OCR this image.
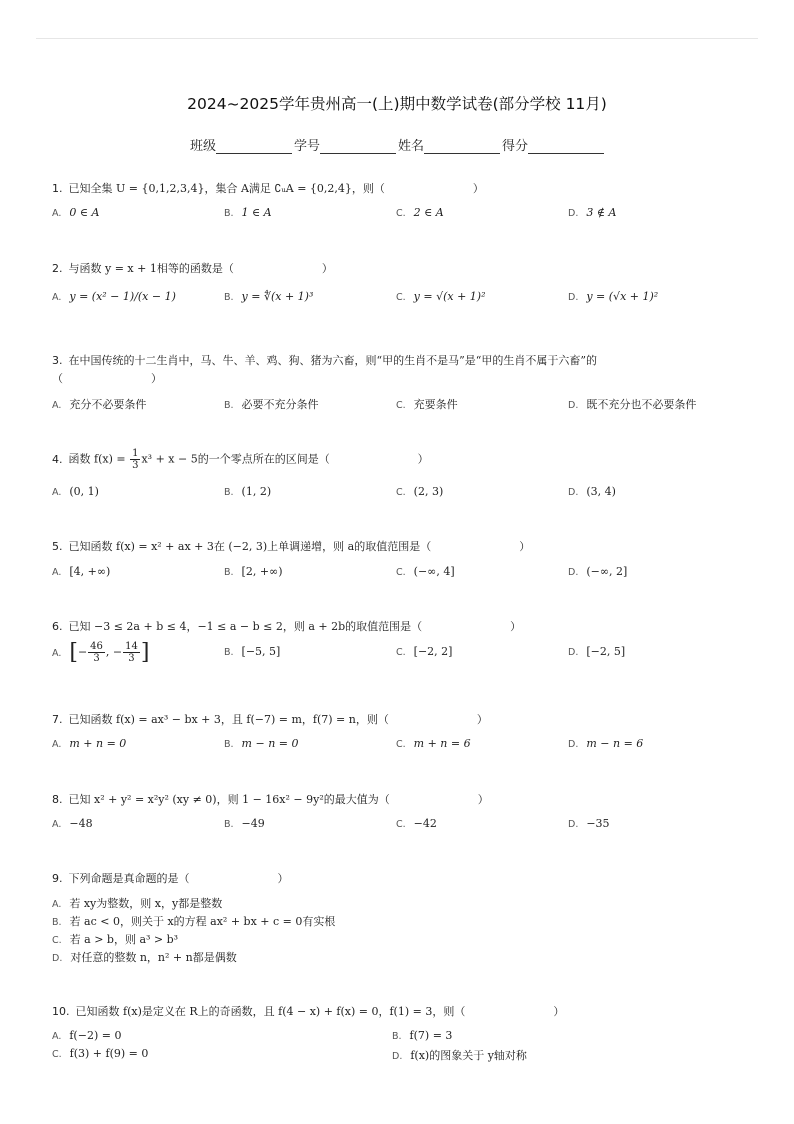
2024~2025学年贵州高一(上)期中数学试卷(部分学校 11月)
班级	学号	姓名	得分
1. 已知全集 U = {0,1,2,3,4}，集合 A满足 ∁ᵤA = {0,2,4}，则（　　　　　　　　）
A. 0 ∈ A	B. 1 ∈ A	C. 2 ∈ A	D. 3 ∉ A
2. 与函数 y = x + 1相等的函数是（　　　　　　　　）
A. y = (x² − 1)/(x − 1)	B. y = ∜(x + 1)³	C. y = √(x + 1)²	D. y = (√x + 1)²
3. 在中国传统的十二生肖中，马、牛、羊、鸡、狗、猪为六畜，则“甲的生肖不是马”是“甲的生肖不属于六畜”的
（　　　　　　　　）
A. 充分不必要条件	B. 必要不充分条件	C. 充要条件	D. 既不充分也不必要条件
4. 函数 $f(x) = \frac{1}{3} x^3 + x - 5$的一个零点所在的区间是（　　　　　　　　）
A. (0, 1)	B. (1, 2)	C. (2, 3)	D. (3, 4)
5. 已知函数 f(x) = x² + ax + 3在 (−2, 3)上单调递增，则 a的取值范围是（　　　　　　　　）
A. [4, +∞)	B. [2, +∞)	C. (−∞, 4]	D. (−∞, 2]
6. 已知 −3 ≤ 2a + b ≤ 4，−1 ≤ a − b ≤ 2，则 a + 2b的取值范围是（　　　　　　　　）
A. [− $\frac{46}{3}$ , − $\frac{14}{3}$ ]	B. [−5, 5]	C. [−2, 2]	D. [−2, 5]
7. 已知函数 f(x) = ax³ − bx + 3，且 f(−7) = m，f(7) = n，则（　　　　　　　　）
A. m + n = 0	B. m − n = 0	C. m + n = 6	D. m − n = 6
8. 已知 x² + y² = x²y² (xy ≠ 0)，则 1 − 16x² − 9y²的最大值为（　　　　　　　　）
A. −48	B. −49	C. −42	D. −35
9. 下列命题是真命题的是（　　　　　　　　）
A. 若 xy为整数，则 x，y都是整数
B. 若 ac < 0，则关于 x的方程 ax² + bx + c = 0有实根
C. 若 a > b，则 a³ > b³
D. 对任意的整数 n，n² + n都是偶数
10. 已知函数 f(x)是定义在 R上的奇函数，且 f(4 − x) + f(x) = 0，f(1) = 3，则（　　　　　　　　）
A. f(−2) = 0	B. f(7) = 3
C. f(3) + f(9) = 0	D. f(x)的图象关于 y轴对称
